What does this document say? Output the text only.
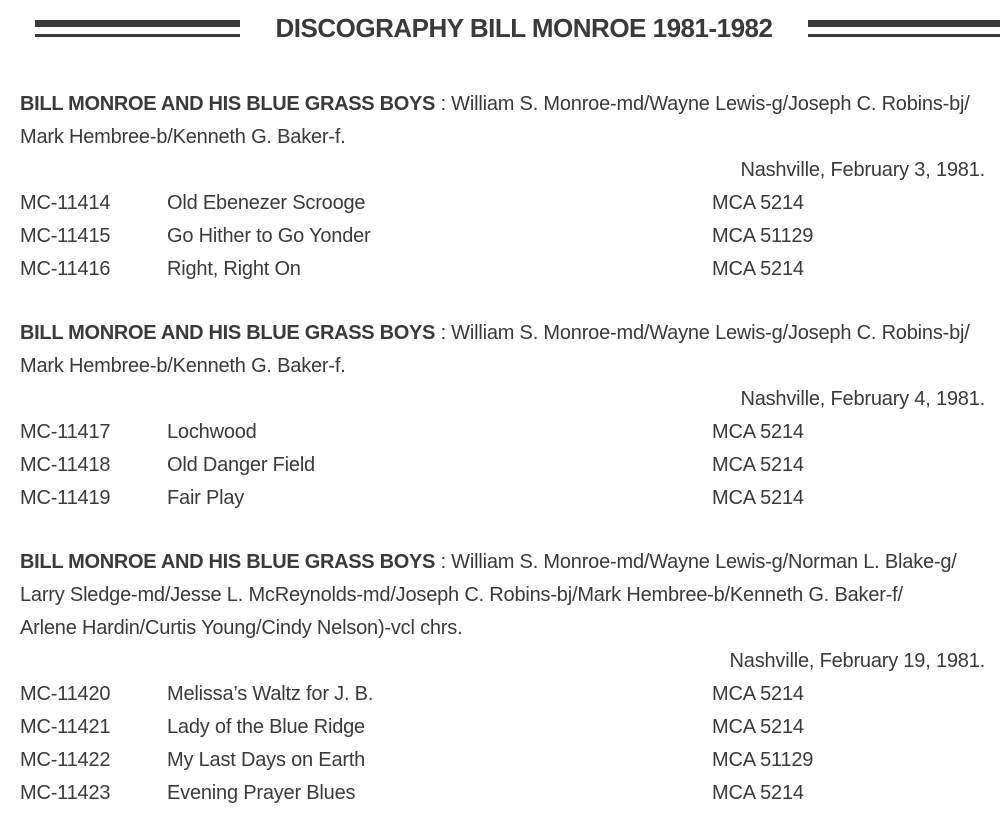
DISCOGRAPHY BILL MONROE 1981-1982

BILL MONROE AND HIS BLUE GRASS BOYS : William S. Monroe-md/Wayne Lewis-g/Joseph C. Robins-bj/

Mark Hembree-b/Kenneth G. Baker-f.

Nashville, February 3, 1981.

MC-11414	Old Ebenezer Scrooge	MCA 5214
MC-11415	Go Hither to Go Yonder	MCA 51129
MC-11416	Right, Right On	MCA 5214

BILL MONROE AND HIS BLUE GRASS BOYS : William S. Monroe-md/Wayne Lewis-g/Joseph C. Robins-bj/

Mark Hembree-b/Kenneth G. Baker-f.

Nashville, February 4, 1981.

MC-11417	Lochwood	MCA 5214
MC-11418	Old Danger Field	MCA 5214
MC-11419	Fair Play	MCA 5214

BILL MONROE AND HIS BLUE GRASS BOYS : William S. Monroe-md/Wayne Lewis-g/Norman L. Blake-g/

Larry Sledge-md/Jesse L. McReynolds-md/Joseph C. Robins-bj/Mark Hembree-b/Kenneth G. Baker-f/

Arlene Hardin/Curtis Young/Cindy Nelson)-vcl chrs.

Nashville, February 19, 1981.

MC-11420	Melissa’s Waltz for J. B.	MCA 5214
MC-11421	Lady of the Blue Ridge	MCA 5214
MC-11422	My Last Days on Earth	MCA 51129
MC-11423	Evening Prayer Blues	MCA 5214
